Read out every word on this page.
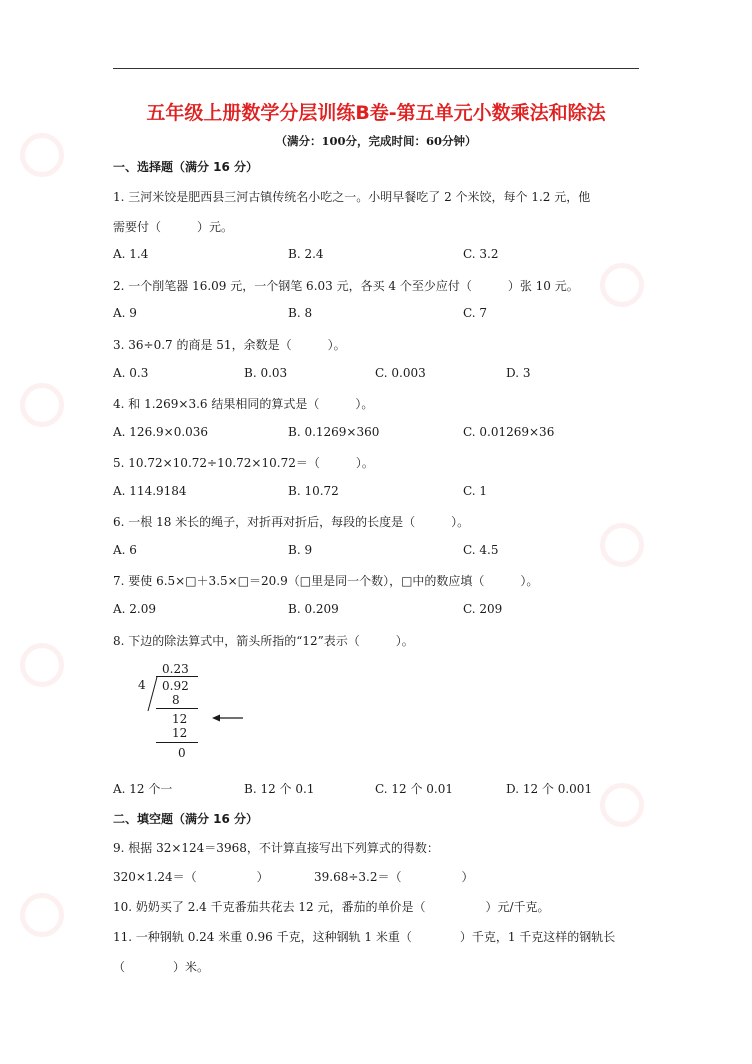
五年级上册数学分层训练B卷-第五单元小数乘法和除法
（满分：100分，完成时间：60分钟）
一、选择题（满分 16 分）
1. 三河米饺是肥西县三河古镇传统名小吃之一。小明早餐吃了 2 个米饺，每个 1.2 元，他
需要付（　　　）元。
A. 1.4	B. 2.4	C. 3.2
2. 一个削笔器 16.09 元，一个钢笔 6.03 元，各买 4 个至少应付（　　　）张 10 元。
A. 9	B. 8	C. 7
3. 36÷0.7 的商是 51，余数是（　　　）。
A. 0.3	B. 0.03	C. 0.003	D. 3
4. 和 1.269×3.6 结果相同的算式是（　　　）。
A. 126.9×0.036	B. 0.1269×360	C. 0.01269×36
5. 10.72×10.72÷10.72×10.72＝（　　　）。
A. 114.9184	B. 10.72	C. 1
6. 一根 18 米长的绳子，对折再对折后，每段的长度是（　　　）。
A. 6	B. 9	C. 4.5
7. 要使 6.5×□＋3.5×□＝20.9（□里是同一个数），□中的数应填（　　　）。
A. 2.09	B. 0.209	C. 209
8. 下边的除法算式中，箭头所指的“12”表示（　　　）。
0.23
4 0.92
8
12
12
0
A. 12 个一	B. 12 个 0.1	C. 12 个 0.01	D. 12 个 0.001
二、填空题（满分 16 分）
9. 根据 32×124＝3968，不计算直接写出下列算式的得数：
320×1.24＝（　　　　　）	39.68÷3.2＝（　　　　　）
10. 奶奶买了 2.4 千克番茄共花去 12 元，番茄的单价是（　　　　　）元/千克。
11. 一种钢轨 0.24 米重 0.96 千克，这种钢轨 1 米重（　　　　）千克，1 千克这样的钢轨长
（　　　　）米。
